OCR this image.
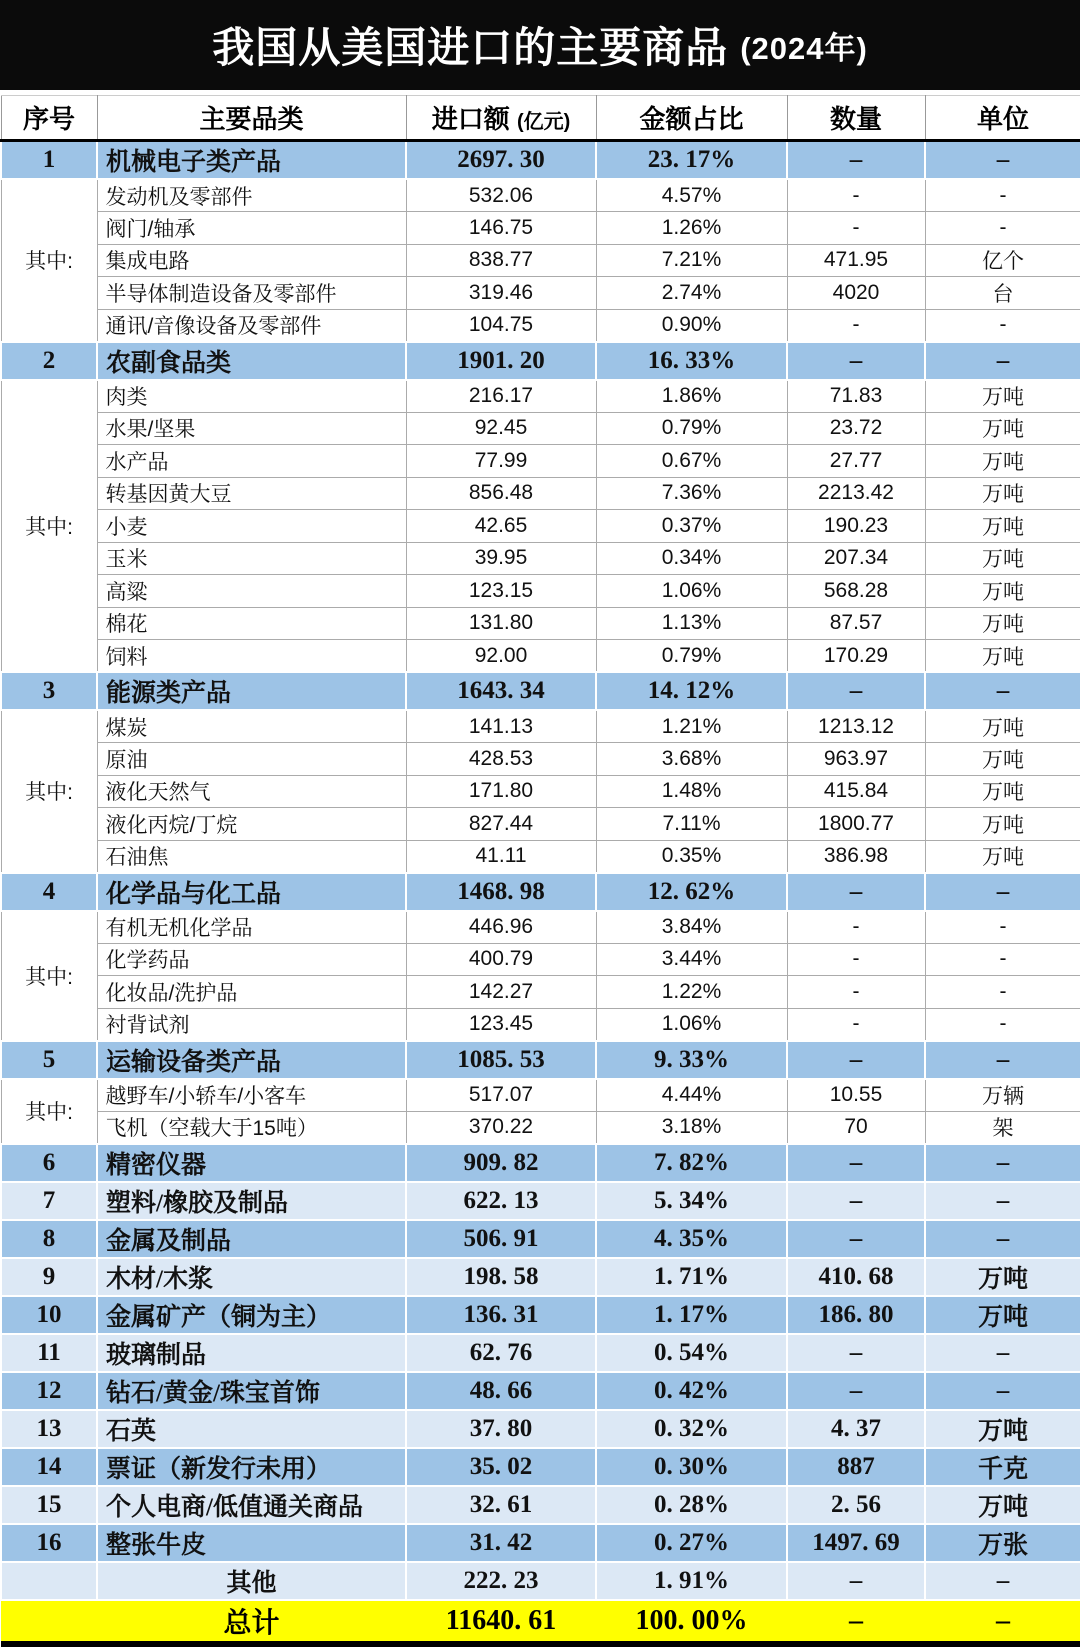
我国从美国进口的主要商品 (2024年)
序号	主要品类	进口额 (亿元)	金额占比	数量	单位
1	机械电子类产品	2697. 30	23. 17%	–	–
其中:	发动机及零部件	532.06	4.57%	-	-
	阀门/轴承	146.75	1.26%	-	-
	集成电路	838.77	7.21%	471.95	亿个
	半导体制造设备及零部件	319.46	2.74%	4020	台
	通讯/音像设备及零部件	104.75	0.90%	-	-
2	农副食品类	1901. 20	16. 33%	–	–
其中:	肉类	216.17	1.86%	71.83	万吨
	水果/坚果	92.45	0.79%	23.72	万吨
	水产品	77.99	0.67%	27.77	万吨
	转基因黄大豆	856.48	7.36%	2213.42	万吨
	小麦	42.65	0.37%	190.23	万吨
	玉米	39.95	0.34%	207.34	万吨
	高粱	123.15	1.06%	568.28	万吨
	棉花	131.80	1.13%	87.57	万吨
	饲料	92.00	0.79%	170.29	万吨
3	能源类产品	1643. 34	14. 12%	–	–
其中:	煤炭	141.13	1.21%	1213.12	万吨
	原油	428.53	3.68%	963.97	万吨
	液化天然气	171.80	1.48%	415.84	万吨
	液化丙烷/丁烷	827.44	7.11%	1800.77	万吨
	石油焦	41.11	0.35%	386.98	万吨
4	化学品与化工品	1468. 98	12. 62%	–	–
其中:	有机无机化学品	446.96	3.84%	-	-
	化学药品	400.79	3.44%	-	-
	化妆品/洗护品	142.27	1.22%	-	-
	衬背试剂	123.45	1.06%	-	-
5	运输设备类产品	1085. 53	9. 33%	–	–
其中:	越野车/小轿车/小客车	517.07	4.44%	10.55	万辆
	飞机（空载大于15吨）	370.22	3.18%	70	架
6	精密仪器	909. 82	7. 82%	–	–
7	塑料/橡胶及制品	622. 13	5. 34%	–	–
8	金属及制品	506. 91	4. 35%	–	–
9	木材/木浆	198. 58	1. 71%	410. 68	万吨
10	金属矿产（铜为主）	136. 31	1. 17%	186. 80	万吨
11	玻璃制品	62. 76	0. 54%	–	–
12	钻石/黄金/珠宝首饰	48. 66	0. 42%	–	–
13	石英	37. 80	0. 32%	4. 37	万吨
14	票证（新发行未用）	35. 02	0. 30%	887	千克
15	个人电商/低值通关商品	32. 61	0. 28%	2. 56	万吨
16	整张牛皮	31. 42	0. 27%	1497. 69	万张
	其他	222. 23	1. 91%	–	–
	总计	11640. 61	100. 00%	–	–
